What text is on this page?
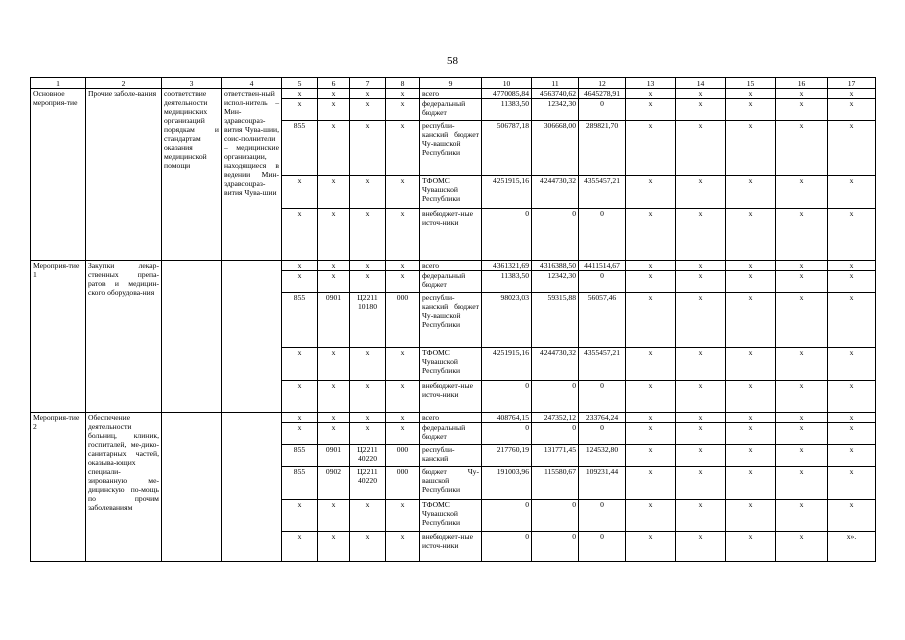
58
1	2	3	4	5	6	7	8	9	10	11	12	13	14	15	16	17
Основное мероприя-тие	Прочие заболе-вания	соответствие деятельности медицинских организаций порядкам и стандартам оказания медицинской помощи	ответствен-ный испол-нитель – Мин-здравсоцраз-вития Чува-шии, соис-полнители – медицинские организации, находящиеся в ведении Мин-здравсоцраз-вития Чува-шии	х	х	х	х	всего	4770085,84	4563740,62	4645278,91	х	х	х	х	х
				х	х	х	х	федеральный бюджет	11383,50	12342,30	0	х	х	х	х	х
				855	х	х	х	республи-канский бюджет Чу-вашской Республики	506787,18	306668,00	289821,70	х	х	х	х	х
				х	х	х	х	ТФОМС Чувашской Республики	4251915,16	4244730,32	4355457,21	х	х	х	х	х
				х	х	х	х	внебюджет-ные источ-ники	0	0	0	х	х	х	х	х
Мероприя-тие 1	Закупки лекар-ственных препа-ратов и медицин-ского оборудова-ния			х	х	х	х	всего	4361321,69	4316388,50	4411514,67	х	х	х	х	х
				х	х	х	х	федеральный бюджет	11383,50	12342,30	0	х	х	х	х	х
				855	0901	Ц2211 10180	000	республи-канский бюджет Чу-вашской Республики	98023,03	59315,88	56057,46	х	х	х	х	х
				х	х	х	х	ТФОМС Чувашской Республики	4251915,16	4244730,32	4355457,21	х	х	х	х	х
				х	х	х	х	внебюджет-ные источ-ники	0	0	0	х	х	х	х	х
Мероприя-тие 2	Обеспечение деятельности больниц, клиник, госпиталей, ме-дико-санитарных частей, оказыва-ющих специали-зированную ме-дицинскую по-мощь по прочим заболеваниям			х	х	х	х	всего	408764,15	247352,12	233764,24	х	х	х	х	х
				х	х	х	х	федеральный бюджет	0	0	0	х	х	х	х	х
				855	0901	Ц2211 40220	000	республи-канский	217760,19	131771,45	124532,80	х	х	х	х	х
				855	0902	Ц2211 40220	000	бюджет Чу-вашской Республики	191003,96	115580,67	109231,44	х	х	х	х	х
				х	х	х	х	ТФОМС Чувашской Республики	0	0	0	х	х	х	х	х
				х	х	х	х	внебюджет-ные источ-ники	0	0	0	х	х	х	х	х».
